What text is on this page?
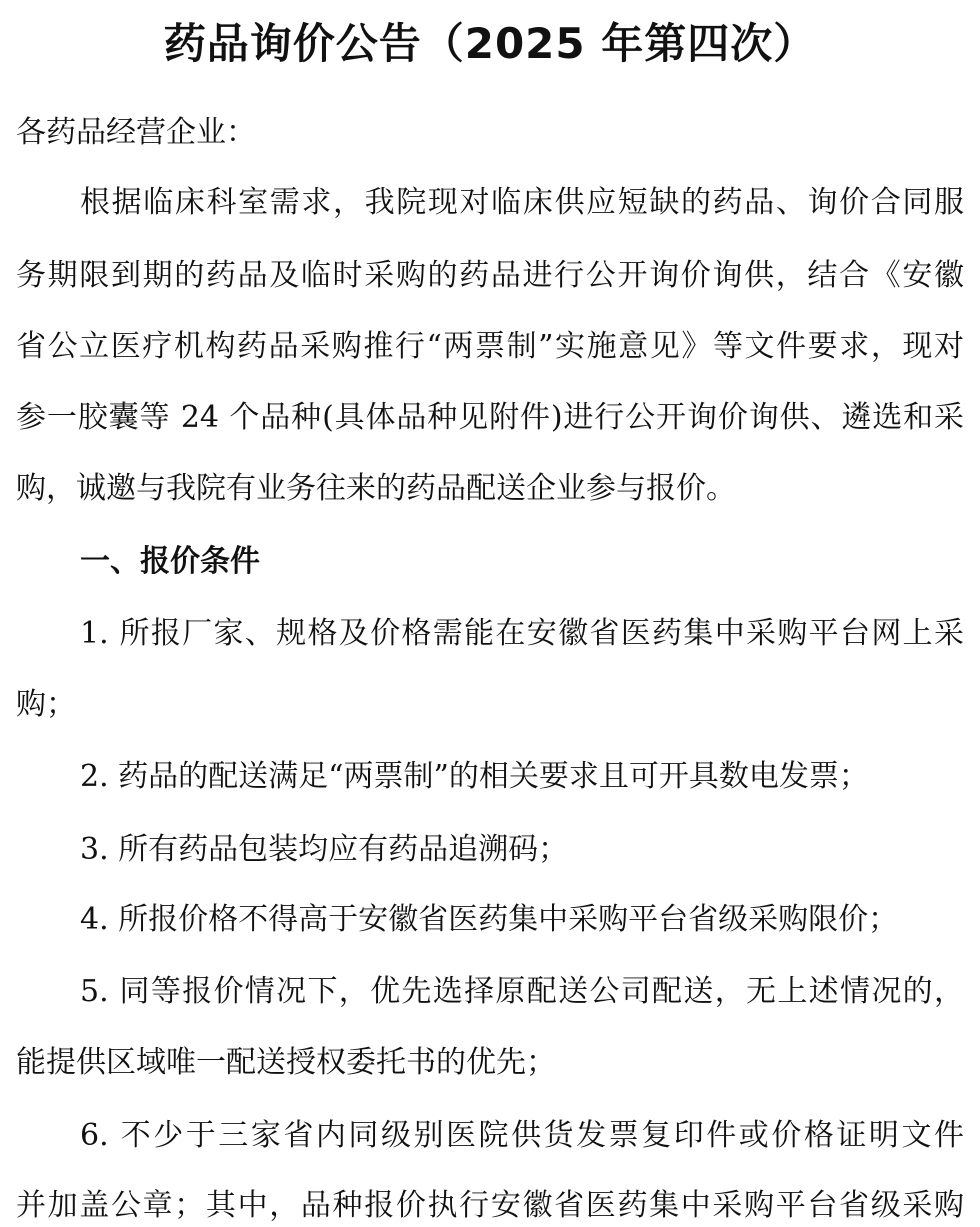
药品询价公告（2025 年第四次）
各药品经营企业：
根据临床科室需求，我院现对临床供应短缺的药品、询价合同服
务期限到期的药品及临时采购的药品进行公开询价询供，结合《安徽
省公立医疗机构药品采购推行“两票制”实施意见》等文件要求，现对
参一胶囊等 24 个品种(具体品种见附件)进行公开询价询供、遴选和采
购，诚邀与我院有业务往来的药品配送企业参与报价。
一、报价条件
1. 所报厂家、规格及价格需能在安徽省医药集中采购平台网上采
购；
2. 药品的配送满足“两票制”的相关要求且可开具数电发票；
3. 所有药品包装均应有药品追溯码；
4. 所报价格不得高于安徽省医药集中采购平台省级采购限价；
5. 同等报价情况下，优先选择原配送公司配送，无上述情况的，
能提供区域唯一配送授权委托书的优先；
6. 不少于三家省内同级别医院供货发票复印件或价格证明文件
并加盖公章；其中，品种报价执行安徽省医药集中采购平台省级采购
